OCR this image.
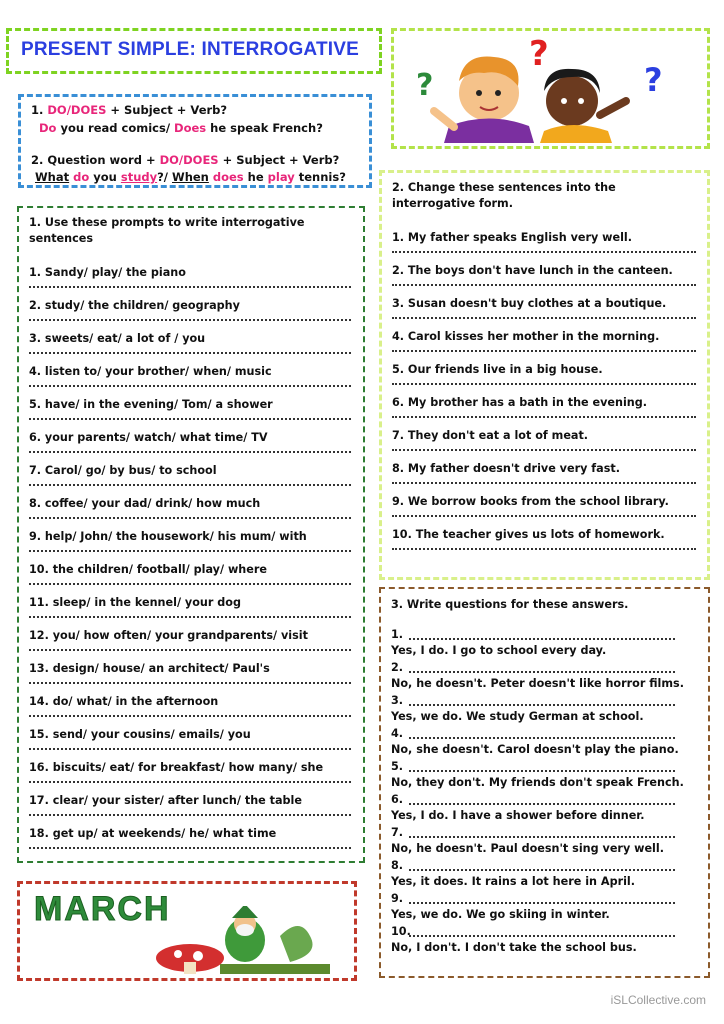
PRESENT SIMPLE: INTERROGATIVE
?
?
?
1. DO/DOES + Subject + Verb?
Do you read comics/ Does he speak French?
2. Question word + DO/DOES + Subject + Verb?
What do you study?/ When does he play tennis?
1. Use these prompts to write interrogative
sentences
1. Sandy/ play/ the piano
2. study/ the children/ geography
3. sweets/ eat/ a lot of / you
4. listen to/ your brother/ when/ music
5. have/ in the evening/ Tom/ a shower
6. your parents/ watch/ what time/ TV
7. Carol/ go/ by bus/ to school
8. coffee/ your dad/ drink/ how much
9. help/ John/ the housework/ his mum/ with
10. the children/ football/ play/ where
11. sleep/ in the kennel/ your dog
12. you/ how often/ your grandparents/ visit
13. design/ house/ an architect/ Paul's
14. do/ what/ in the afternoon
15. send/ your cousins/ emails/ you
16. biscuits/ eat/ for breakfast/ how many/ she
17. clear/ your sister/ after lunch/ the table
18. get up/ at weekends/ he/ what time
2. Change these sentences into the
interrogative form.
1. My father speaks English very well.
2. The boys don't have lunch in the canteen.
3. Susan doesn't buy clothes at a boutique.
4. Carol kisses her mother in the morning.
5. Our friends live in a big house.
6. My brother has a bath in the evening.
7. They don't eat a lot of meat.
8. My father doesn't drive very fast.
9. We borrow books from the school library.
10. The teacher gives us lots of homework.
3. Write questions for these answers.
1.
Yes, I do. I go to school every day.
2.
No, he doesn't. Peter doesn't like horror films.
3.
Yes, we do. We study German at school.
4.
No, she doesn't. Carol doesn't play the piano.
5.
No, they don't. My friends don't speak French.
6.
Yes, I do. I have a shower before dinner.
7.
No, he doesn't. Paul doesn't sing very well.
8.
Yes, it does. It rains a lot here in April.
9.
Yes, we do. We go skiing in winter.
10.
No, I don't. I don't take the school bus.
MARCH
iSLCollective.com
